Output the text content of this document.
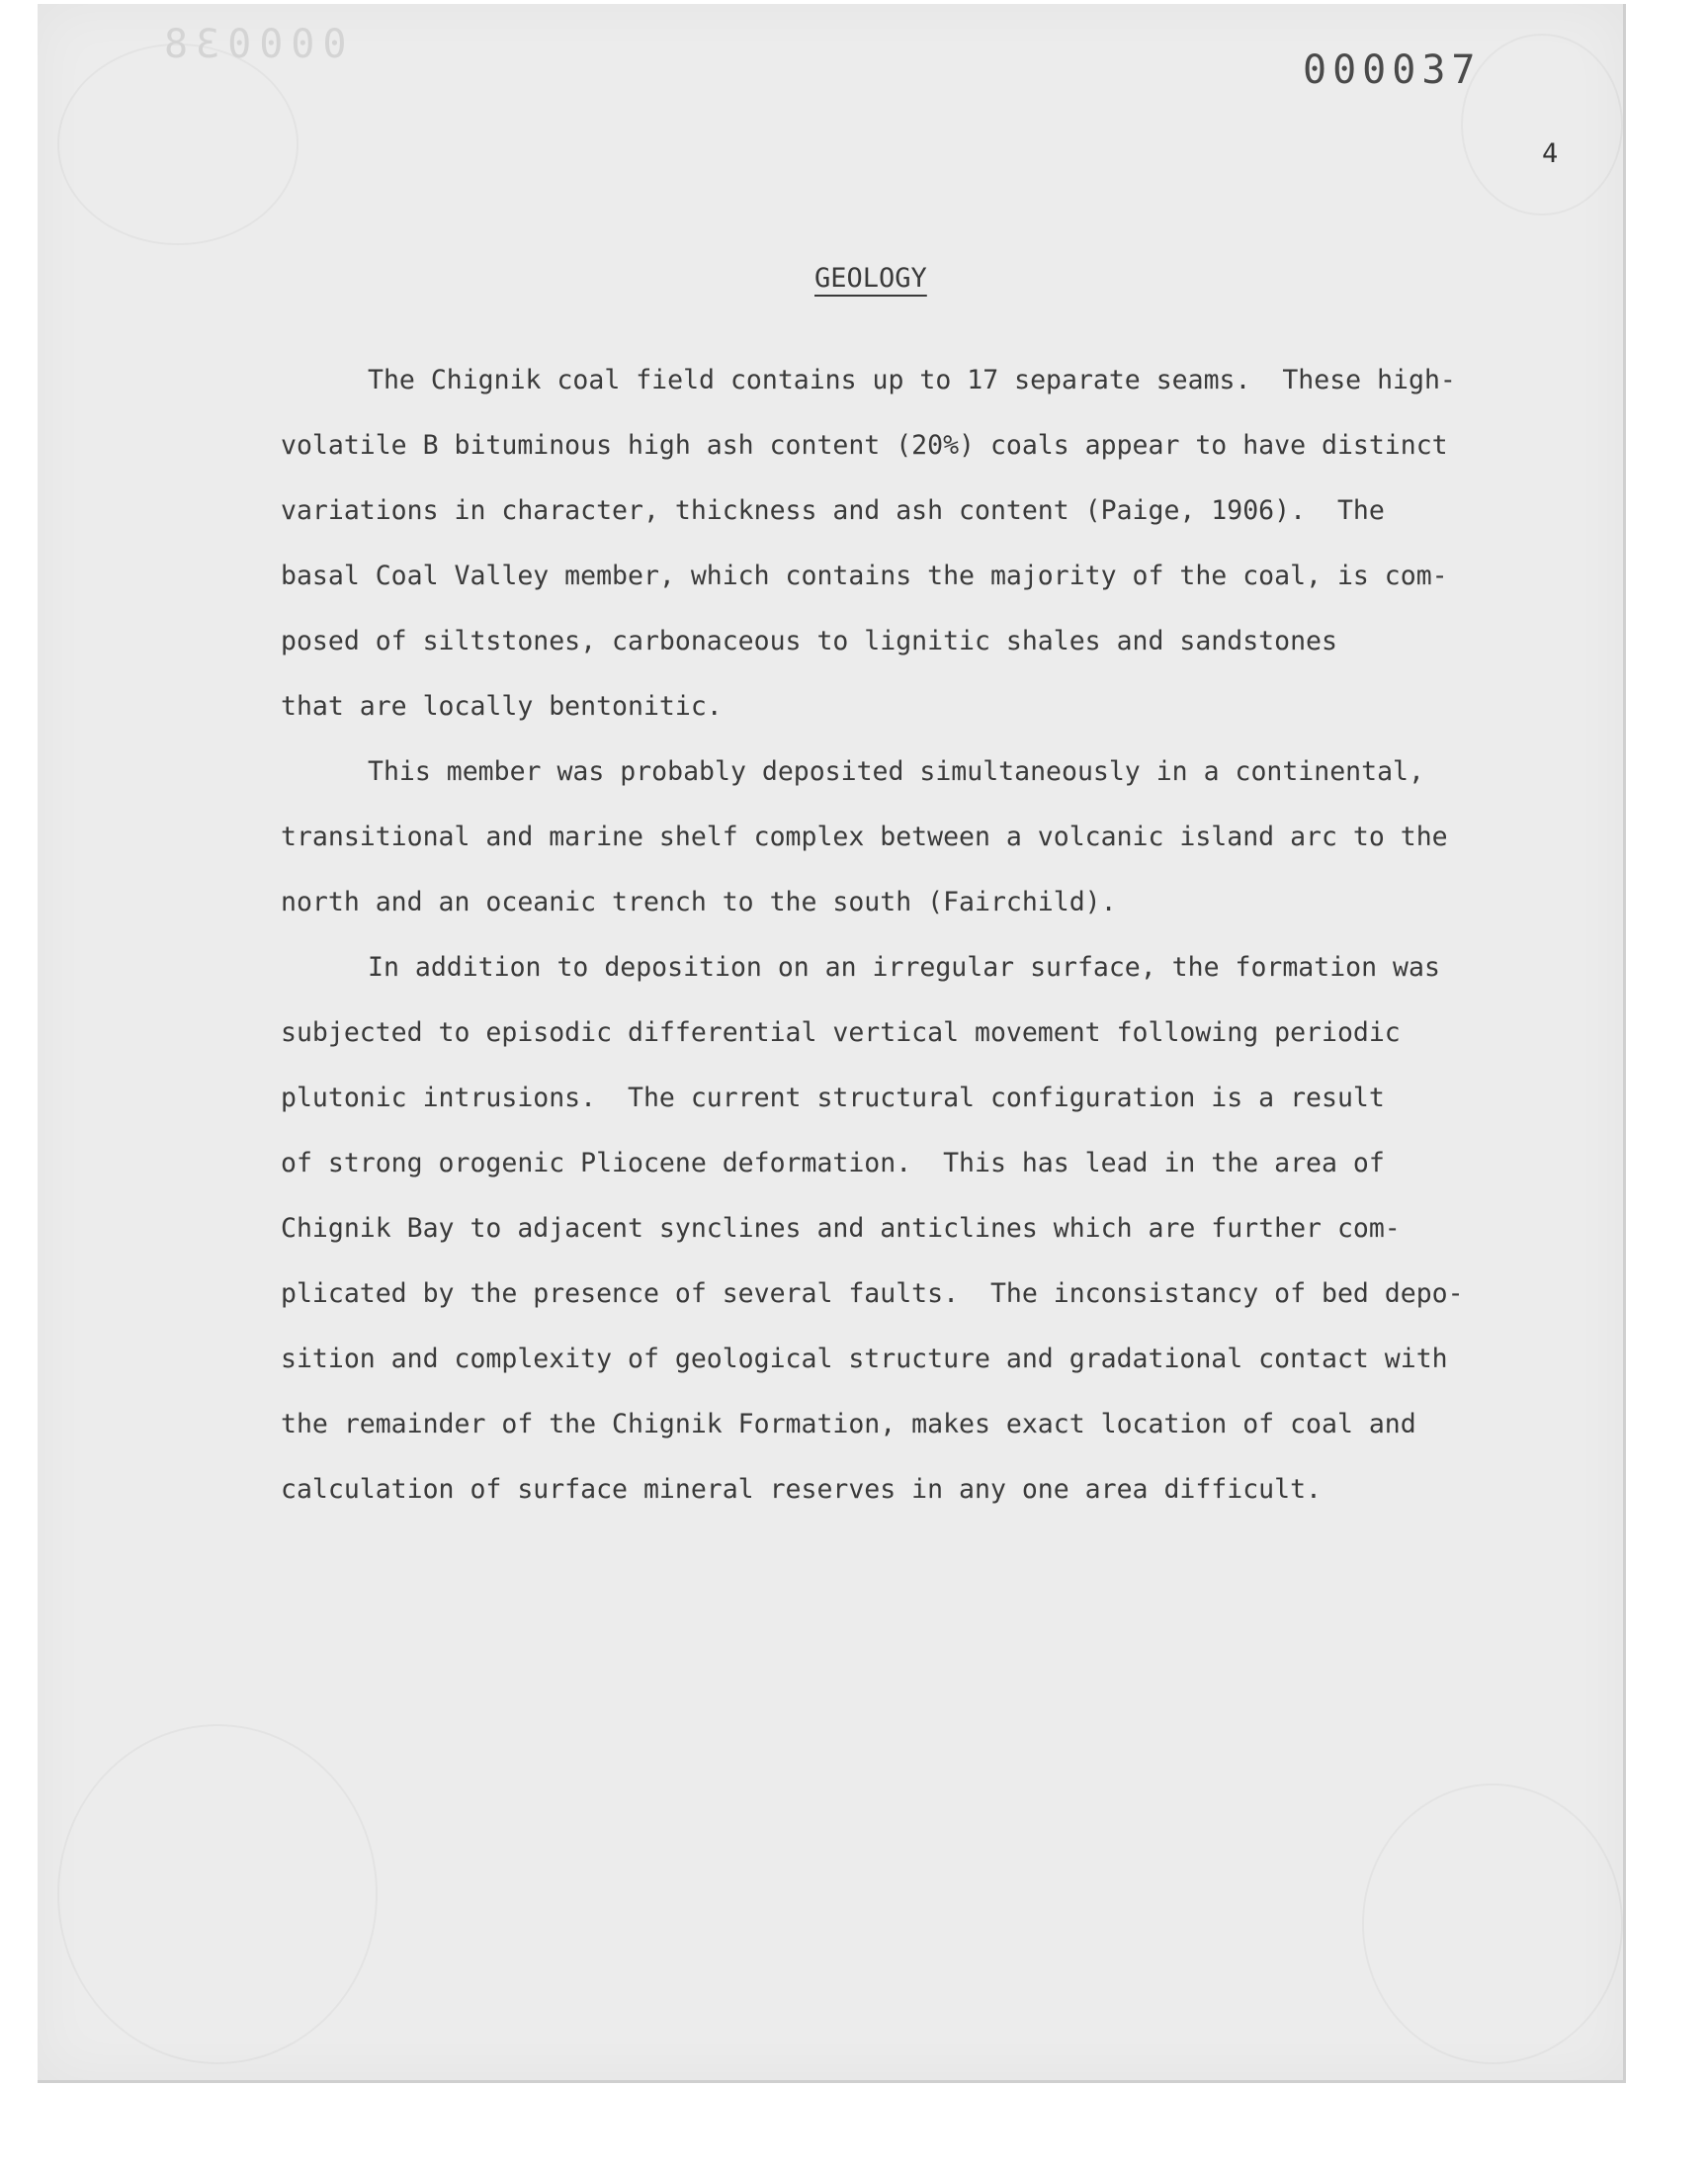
000038
000037
4
GEOLOGY
The Chignik coal field contains up to 17 separate seams.  These high-
volatile B bituminous high ash content (20%) coals appear to have distinct
variations in character, thickness and ash content (Paige, 1906).  The
basal Coal Valley member, which contains the majority of the coal, is com-
posed of siltstones, carbonaceous to lignitic shales and sandstones
that are locally bentonitic.
This member was probably deposited simultaneously in a continental,
transitional and marine shelf complex between a volcanic island arc to the
north and an oceanic trench to the south (Fairchild).
In addition to deposition on an irregular surface, the formation was
subjected to episodic differential vertical movement following periodic
plutonic intrusions.  The current structural configuration is a result
of strong orogenic Pliocene deformation.  This has lead in the area of
Chignik Bay to adjacent synclines and anticlines which are further com-
plicated by the presence of several faults.  The inconsistancy of bed depo-
sition and complexity of geological structure and gradational contact with
the remainder of the Chignik Formation, makes exact location of coal and
calculation of surface mineral reserves in any one area difficult.
